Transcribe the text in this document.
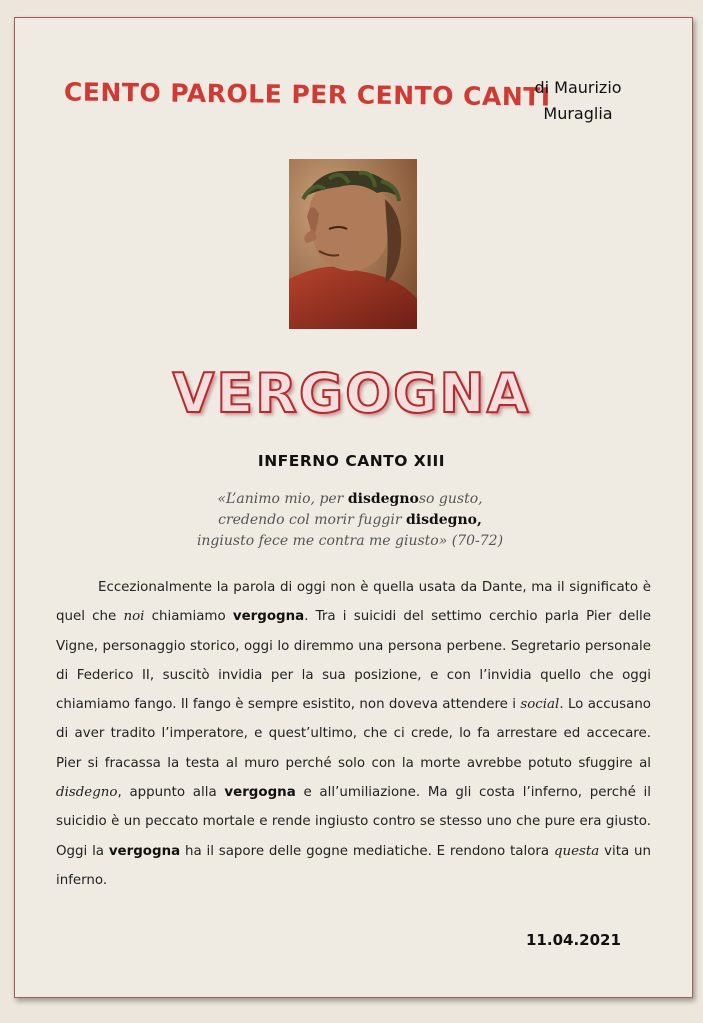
CENTO PAROLE PER CENTO CANTI
di Maurizio
Muraglia
VERGOGNA
INFERNO CANTO XIII
«L’animo mio, per disdegnoso gusto,
credendo col morir fuggir disdegno,
ingiusto fece me contra me giusto» (70-72)
Eccezionalmente la parola di oggi non è quella usata da Dante, ma il significato è quel che noi chiamiamo vergogna. Tra i suicidi del settimo cerchio parla Pier delle Vigne, personaggio storico, oggi lo diremmo una persona perbene. Segretario personale di Federico II, suscitò invidia per la sua posizione, e con l’invidia quello che oggi chiamiamo fango. Il fango è sempre esistito, non doveva attendere i social. Lo accusano di aver tradito l’imperatore, e quest’ultimo, che ci crede, lo fa arrestare ed accecare. Pier si fracassa la testa al muro perché solo con la morte avrebbe potuto sfuggire al disdegno, appunto alla vergogna e all’umiliazione. Ma gli costa l’inferno, perché il suicidio è un peccato mortale e rende ingiusto contro se stesso uno che pure era giusto. Oggi la vergogna ha il sapore delle gogne mediatiche. E rendono talora questa vita un inferno.
11.04.2021
